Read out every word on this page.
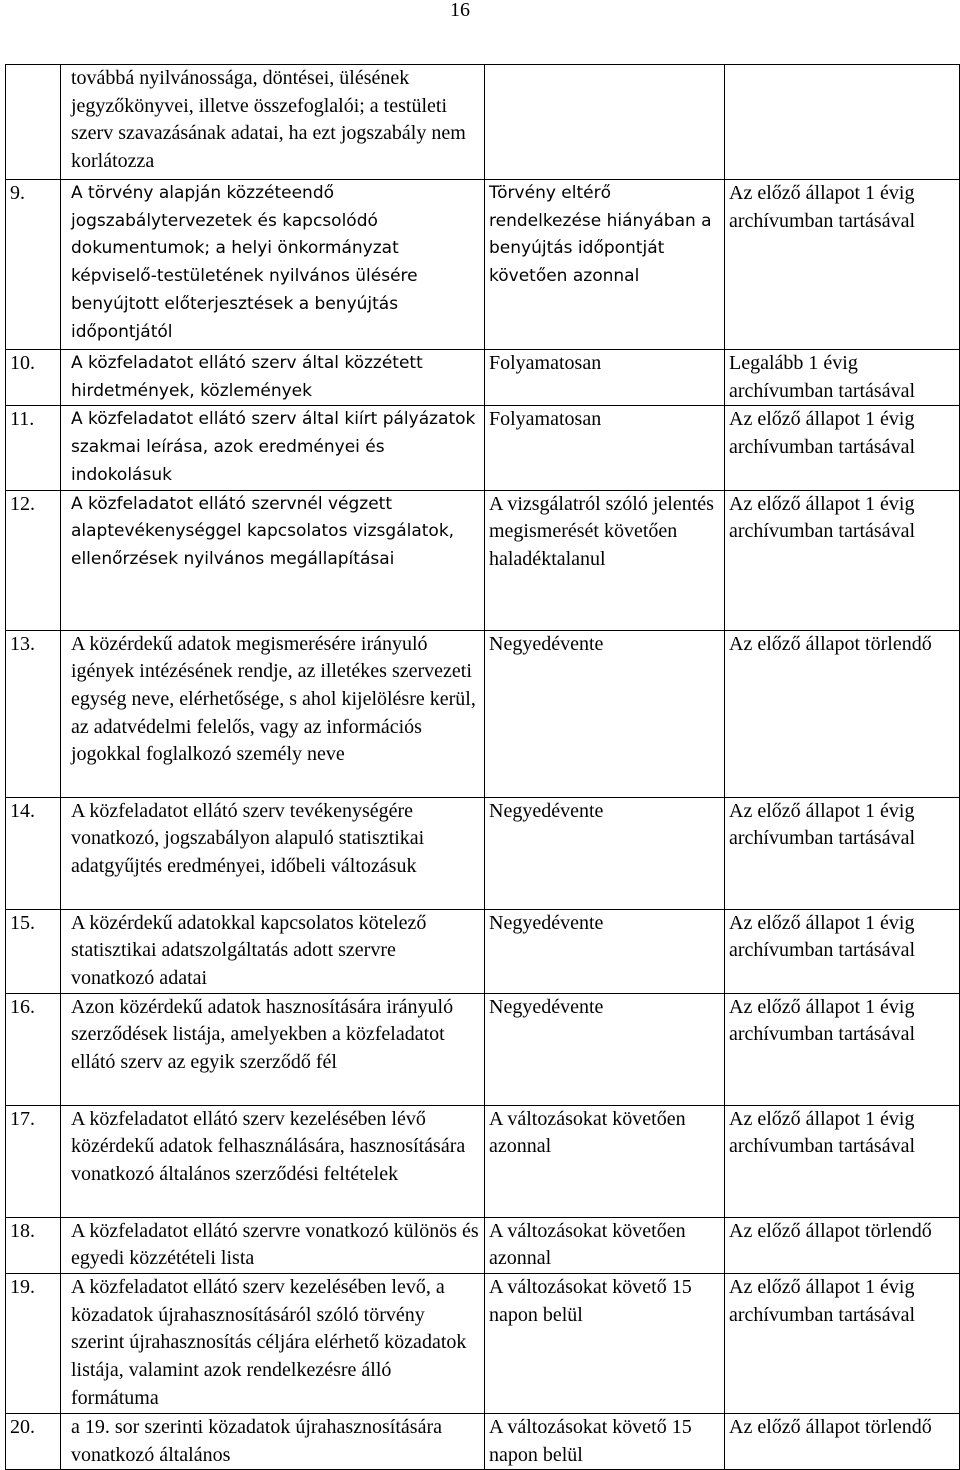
16

	továbbá nyilvánossága, döntései, ülésének jegyzőkönyvei, illetve összefoglalói; a testületi szerv szavazásának adatai, ha ezt jogszabály nem korlátozza		

9.	A törvény alapján közzéteendő jogszabálytervezetek és kapcsolódó dokumentumok; a helyi önkormányzat képviselő-testületének nyilvános ülésére benyújtott előterjesztések a benyújtás időpontjától	Törvény eltérő rendelkezése hiányában a benyújtás időpontját követően azonnal	Az előző állapot 1 évig archívumban tartásával
10.	A közfeladatot ellátó szerv által közzétett hirdetmények, közlemények	Folyamatosan	Legalább 1 évig archívumban tartásával
11.	A közfeladatot ellátó szerv által kiírt pályázatok szakmai leírása, azok eredményei és indokolásuk	Folyamatosan	Az előző állapot 1 évig archívumban tartásával
12.	A közfeladatot ellátó szervnél végzett alaptevékenységgel kapcsolatos vizsgálatok, ellenőrzések nyilvános megállapításai	A vizsgálatról szóló jelentés megismerését követően haladéktalanul	Az előző állapot 1 évig archívumban tartásával
13.	A közérdekű adatok megismerésére irányuló igények intézésének rendje, az illetékes szervezeti egység neve, elérhetősége, s ahol kijelölésre kerül, az adatvédelmi felelős, vagy az információs jogokkal foglalkozó személy neve	Negyedévente	Az előző állapot törlendő
14.	A közfeladatot ellátó szerv tevékenységére vonatkozó, jogszabályon alapuló statisztikai adatgyűjtés eredményei, időbeli változásuk	Negyedévente	Az előző állapot 1 évig archívumban tartásával
15.	A közérdekű adatokkal kapcsolatos kötelező statisztikai adatszolgáltatás adott szervre vonatkozó adatai	Negyedévente	Az előző állapot 1 évig archívumban tartásával
16.	Azon közérdekű adatok hasznosítására irányuló szerződések listája, amelyekben a közfeladatot ellátó szerv az egyik szerződő fél	Negyedévente	Az előző állapot 1 évig archívumban tartásával
17.	A közfeladatot ellátó szerv kezelésében lévő közérdekű adatok felhasználására, hasznosítására vonatkozó általános szerződési feltételek	A változásokat követően azonnal	Az előző állapot 1 évig archívumban tartásával
18.	A közfeladatot ellátó szervre vonatkozó különös és egyedi közzétételi lista	A változásokat követően azonnal	Az előző állapot törlendő
19.	A közfeladatot ellátó szerv kezelésében levő, a közadatok újrahasznosításáról szóló törvény szerint újrahasznosítás céljára elérhető közadatok listája, valamint azok rendelkezésre álló formátuma	A változásokat követő 15 napon belül	Az előző állapot 1 évig archívumban tartásával
20.	a 19. sor szerinti közadatok újrahasznosítására vonatkozó általános	A változásokat követő 15 napon belül	Az előző állapot törlendő
